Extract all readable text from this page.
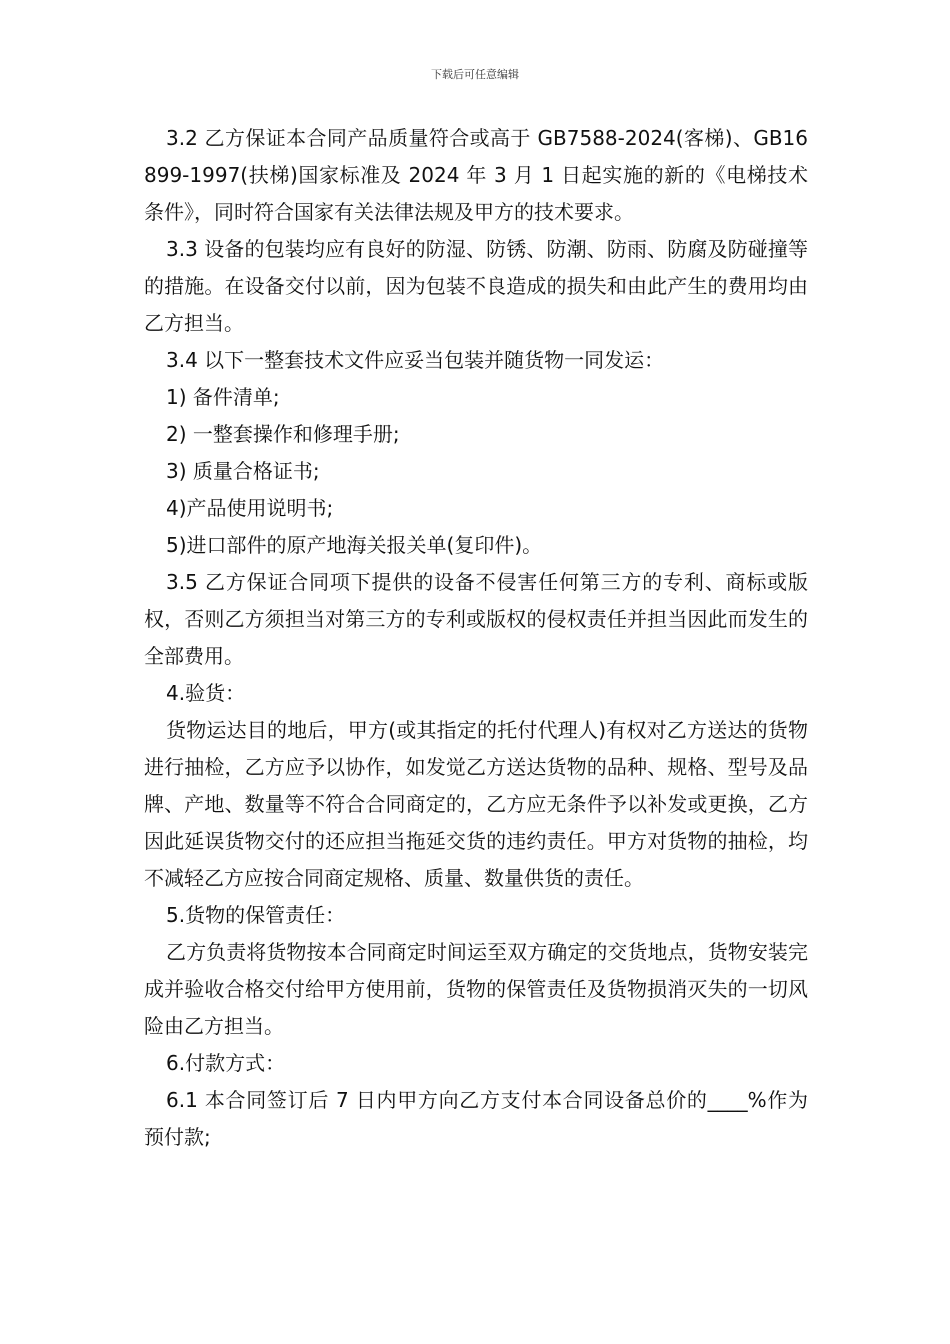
下载后可任意编辑

3.2 乙方保证本合同产品质量符合或高于 GB7588-2024(客梯)、GB16899-1997(扶梯)国家标准及 2024 年 3 月 1 日起实施的新的《电梯技术条件》，同时符合国家有关法律法规及甲方的技术要求。

3.3 设备的包装均应有良好的防湿、防锈、防潮、防雨、防腐及防碰撞等的措施。在设备交付以前，因为包装不良造成的损失和由此产生的费用均由乙方担当。

3.4 以下一整套技术文件应妥当包装并随货物一同发运：

1) 备件清单;

2) 一整套操作和修理手册;

3) 质量合格证书;

4)产品使用说明书;

5)进口部件的原产地海关报关单(复印件)。

3.5 乙方保证合同项下提供的设备不侵害任何第三方的专利、商标或版权，否则乙方须担当对第三方的专利或版权的侵权责任并担当因此而发生的全部费用。

4.验货：

货物运达目的地后，甲方(或其指定的托付代理人)有权对乙方送达的货物进行抽检，乙方应予以协作，如发觉乙方送达货物的品种、规格、型号及品牌、产地、数量等不符合合同商定的，乙方应无条件予以补发或更换，乙方因此延误货物交付的还应担当拖延交货的违约责任。甲方对货物的抽检，均不减轻乙方应按合同商定规格、质量、数量供货的责任。

5.货物的保管责任：

乙方负责将货物按本合同商定时间运至双方确定的交货地点，货物安装完成并验收合格交付给甲方使用前，货物的保管责任及货物损消灭失的一切风险由乙方担当。

6.付款方式：

6.1 本合同签订后 7 日内甲方向乙方支付本合同设备总价的____%作为预付款;
